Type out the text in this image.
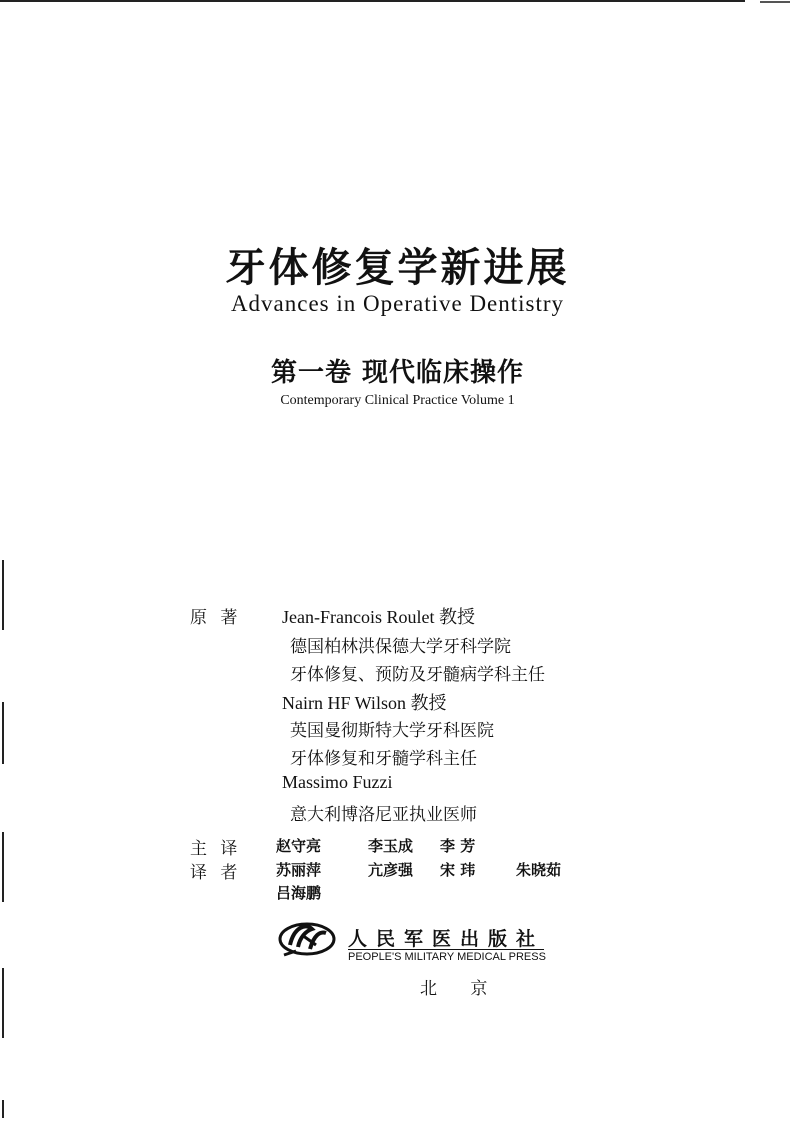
牙体修复学新进展
Advances in Operative Dentistry
第一卷 现代临床操作
Contemporary Clinical Practice Volume 1
原 著 Jean-Francois Roulet 教授
德国柏林洪保德大学牙科学院
牙体修复、预防及牙髓病学科主任
Nairn HF Wilson 教授
英国曼彻斯特大学牙科医院
牙体修复和牙髓学科主任
Massimo Fuzzi
意大利博洛尼亚执业医师
主 译 赵守亮	李玉成 李 芳
译 者 苏丽萍	亢彦强 宋 玮	朱晓茹
吕海鹏
人民军医出版社
PEOPLE'S MILITARY MEDICAL PRESS
北 京
